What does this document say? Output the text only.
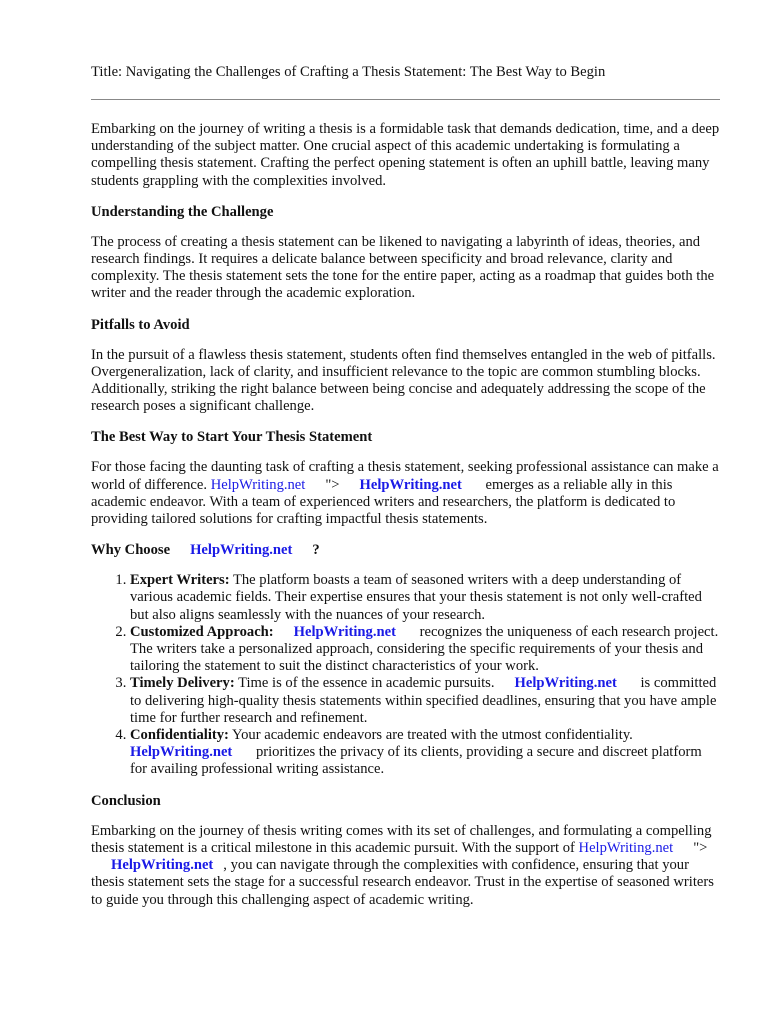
Title: Navigating the Challenges of Crafting a Thesis Statement: The Best Way to Begin

Embarking on the journey of writing a thesis is a formidable task that demands dedication, time, and a deep understanding of the subject matter. One crucial aspect of this academic undertaking is formulating a compelling thesis statement. Crafting the perfect opening statement is often an uphill battle, leaving many students grappling with the complexities involved.

Understanding the Challenge

The process of creating a thesis statement can be likened to navigating a labyrinth of ideas, theories, and research findings. It requires a delicate balance between specificity and broad relevance, clarity and complexity. The thesis statement sets the tone for the entire paper, acting as a roadmap that guides both the writer and the reader through the academic exploration.

Pitfalls to Avoid

In the pursuit of a flawless thesis statement, students often find themselves entangled in the web of pitfalls. Overgeneralization, lack of clarity, and insufficient relevance to the topic are common stumbling blocks. Additionally, striking the right balance between being concise and adequately addressing the scope of the research poses a significant challenge.

The Best Way to Start Your Thesis Statement

For those facing the daunting task of crafting a thesis statement, seeking professional assistance can make a world of difference. HelpWriting.net "> HelpWriting.net emerges as a reliable ally in this academic endeavor. With a team of experienced writers and researchers, the platform is dedicated to providing tailored solutions for crafting impactful thesis statements.

Why Choose HelpWriting.net ?
1. Expert Writers: The platform boasts a team of seasoned writers with a deep understanding of various academic fields. Their expertise ensures that your thesis statement is not only well-crafted but also aligns seamlessly with the nuances of your research.
2. Customized Approach: HelpWriting.net recognizes the uniqueness of each research project. The writers take a personalized approach, considering the specific requirements of your thesis and tailoring the statement to suit the distinct characteristics of your work.
3. Timely Delivery: Time is of the essence in academic pursuits. HelpWriting.net is committed to delivering high-quality thesis statements within specified deadlines, ensuring that you have ample time for further research and refinement.
4. Confidentiality: Your academic endeavors are treated with the utmost confidentiality. HelpWriting.net prioritizes the privacy of its clients, providing a secure and discreet platform for availing professional writing assistance.
Conclusion

Embarking on the journey of thesis writing comes with its set of challenges, and formulating a compelling thesis statement is a critical milestone in this academic pursuit. With the support of HelpWriting.net ">HelpWriting.net , you can navigate through the complexities with confidence, ensuring that your thesis statement sets the stage for a successful research endeavor. Trust in the expertise of seasoned writers to guide you through this challenging aspect of academic writing.
